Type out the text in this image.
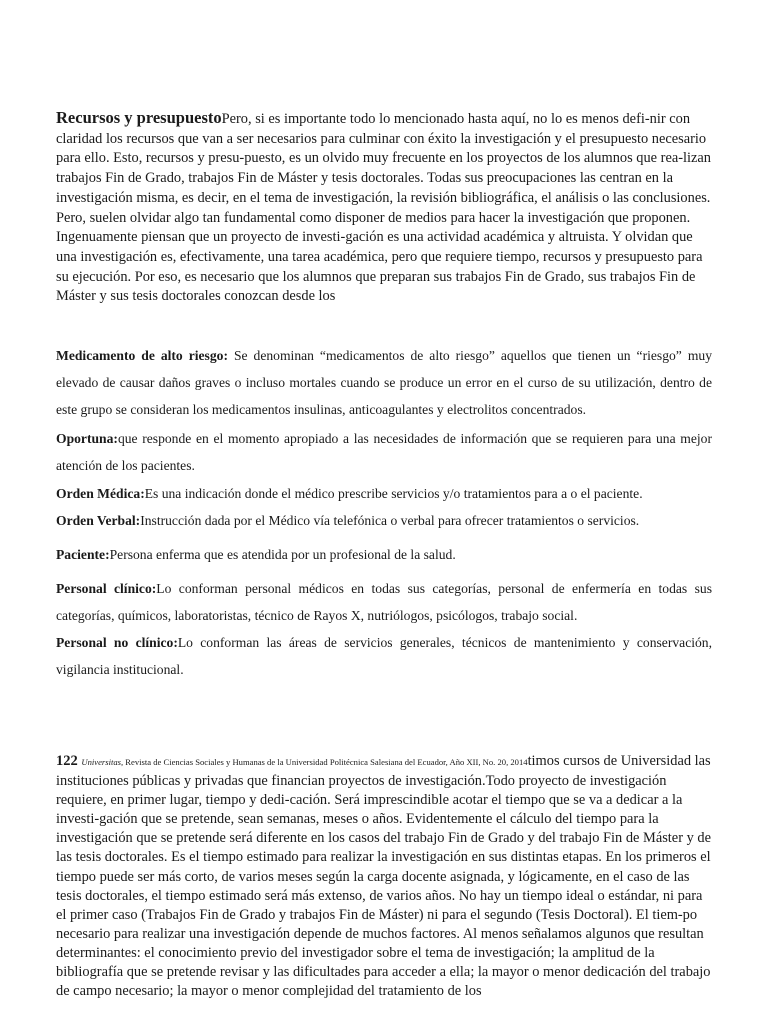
Recursos y presupuestoPero, si es importante todo lo mencionado hasta aquí, no lo es menos defi-nir con claridad los recursos que van a ser necesarios para culminar con éxito la investigación y el presupuesto necesario para ello. Esto, recursos y presu-puesto, es un olvido muy frecuente en los proyectos de los alumnos que rea-lizan trabajos Fin de Grado, trabajos Fin de Máster y tesis doctorales. Todas sus preocupaciones las centran en la investigación misma, es decir, en el tema de investigación, la revisión bibliográfica, el análisis o las conclusiones. Pero, suelen olvidar algo tan fundamental como disponer de medios para hacer la investigación que proponen. Ingenuamente piensan que un proyecto de investi-gación es una actividad académica y altruista. Y olvidan que una investigación es, efectivamente, una tarea académica, pero que requiere tiempo, recursos y presupuesto para su ejecución. Por eso, es necesario que los alumnos que preparan sus trabajos Fin de Grado, sus trabajos Fin de Máster y sus tesis doctorales conozcan desde los
Medicamento de alto riesgo: Se denominan “medicamentos de alto riesgo” aquellos que tienen un “riesgo” muy elevado de causar daños graves o incluso mortales cuando se produce un error en el curso de su utilización, dentro de este grupo se consideran los medicamentos insulinas, anticoagulantes y electrolitos concentrados.
Oportuna:que responde en el momento apropiado a las necesidades de información que se requieren para una mejor atención de los pacientes.
Orden Médica:Es una indicación donde el médico prescribe servicios y/o tratamientos para a o el paciente.
Orden Verbal:Instrucción dada por el Médico vía telefónica o verbal para ofrecer tratamientos o servicios.
Paciente:Persona enferma que es atendida por un profesional de la salud.
Personal clínico:Lo conforman personal médicos en todas sus categorías, personal de enfermería en todas sus categorías, químicos, laboratoristas, técnico de Rayos X, nutriólogos, psicólogos, trabajo social.
Personal no clínico:Lo conforman las áreas de servicios generales, técnicos de mantenimiento y conservación, vigilancia institucional.
122 Universitas, Revista de Ciencias Sociales y Humanas de la Universidad Politécnica Salesiana del Ecuador, Año XII, No. 20, 2014timos cursos de Universidad las instituciones públicas y privadas que financian proyectos de investigación.Todo proyecto de investigación requiere, en primer lugar, tiempo y dedi-cación. Será imprescindible acotar el tiempo que se va a dedicar a la investi-gación que se pretende, sean semanas, meses o años. Evidentemente el cálculo del tiempo para la investigación que se pretende será diferente en los casos del trabajo Fin de Grado y del trabajo Fin de Máster y de las tesis doctorales. Es el tiempo estimado para realizar la investigación en sus distintas etapas. En los primeros el tiempo puede ser más corto, de varios meses según la carga docente asignada, y lógicamente, en el caso de las tesis doctorales, el tiempo estimado será más extenso, de varios años. No hay un tiempo ideal o estándar, ni para el primer caso (Trabajos Fin de Grado y trabajos Fin de Máster) ni para el segundo (Tesis Doctoral). El tiem-po necesario para realizar una investigación depende de muchos factores. Al menos señalamos algunos que resultan determinantes: el conocimiento previo del investigador sobre el tema de investigación; la amplitud de la bibliografía que se pretende revisar y las dificultades para acceder a ella; la mayor o menor dedicación del trabajo de campo necesario; la mayor o menor complejidad del tratamiento de los
